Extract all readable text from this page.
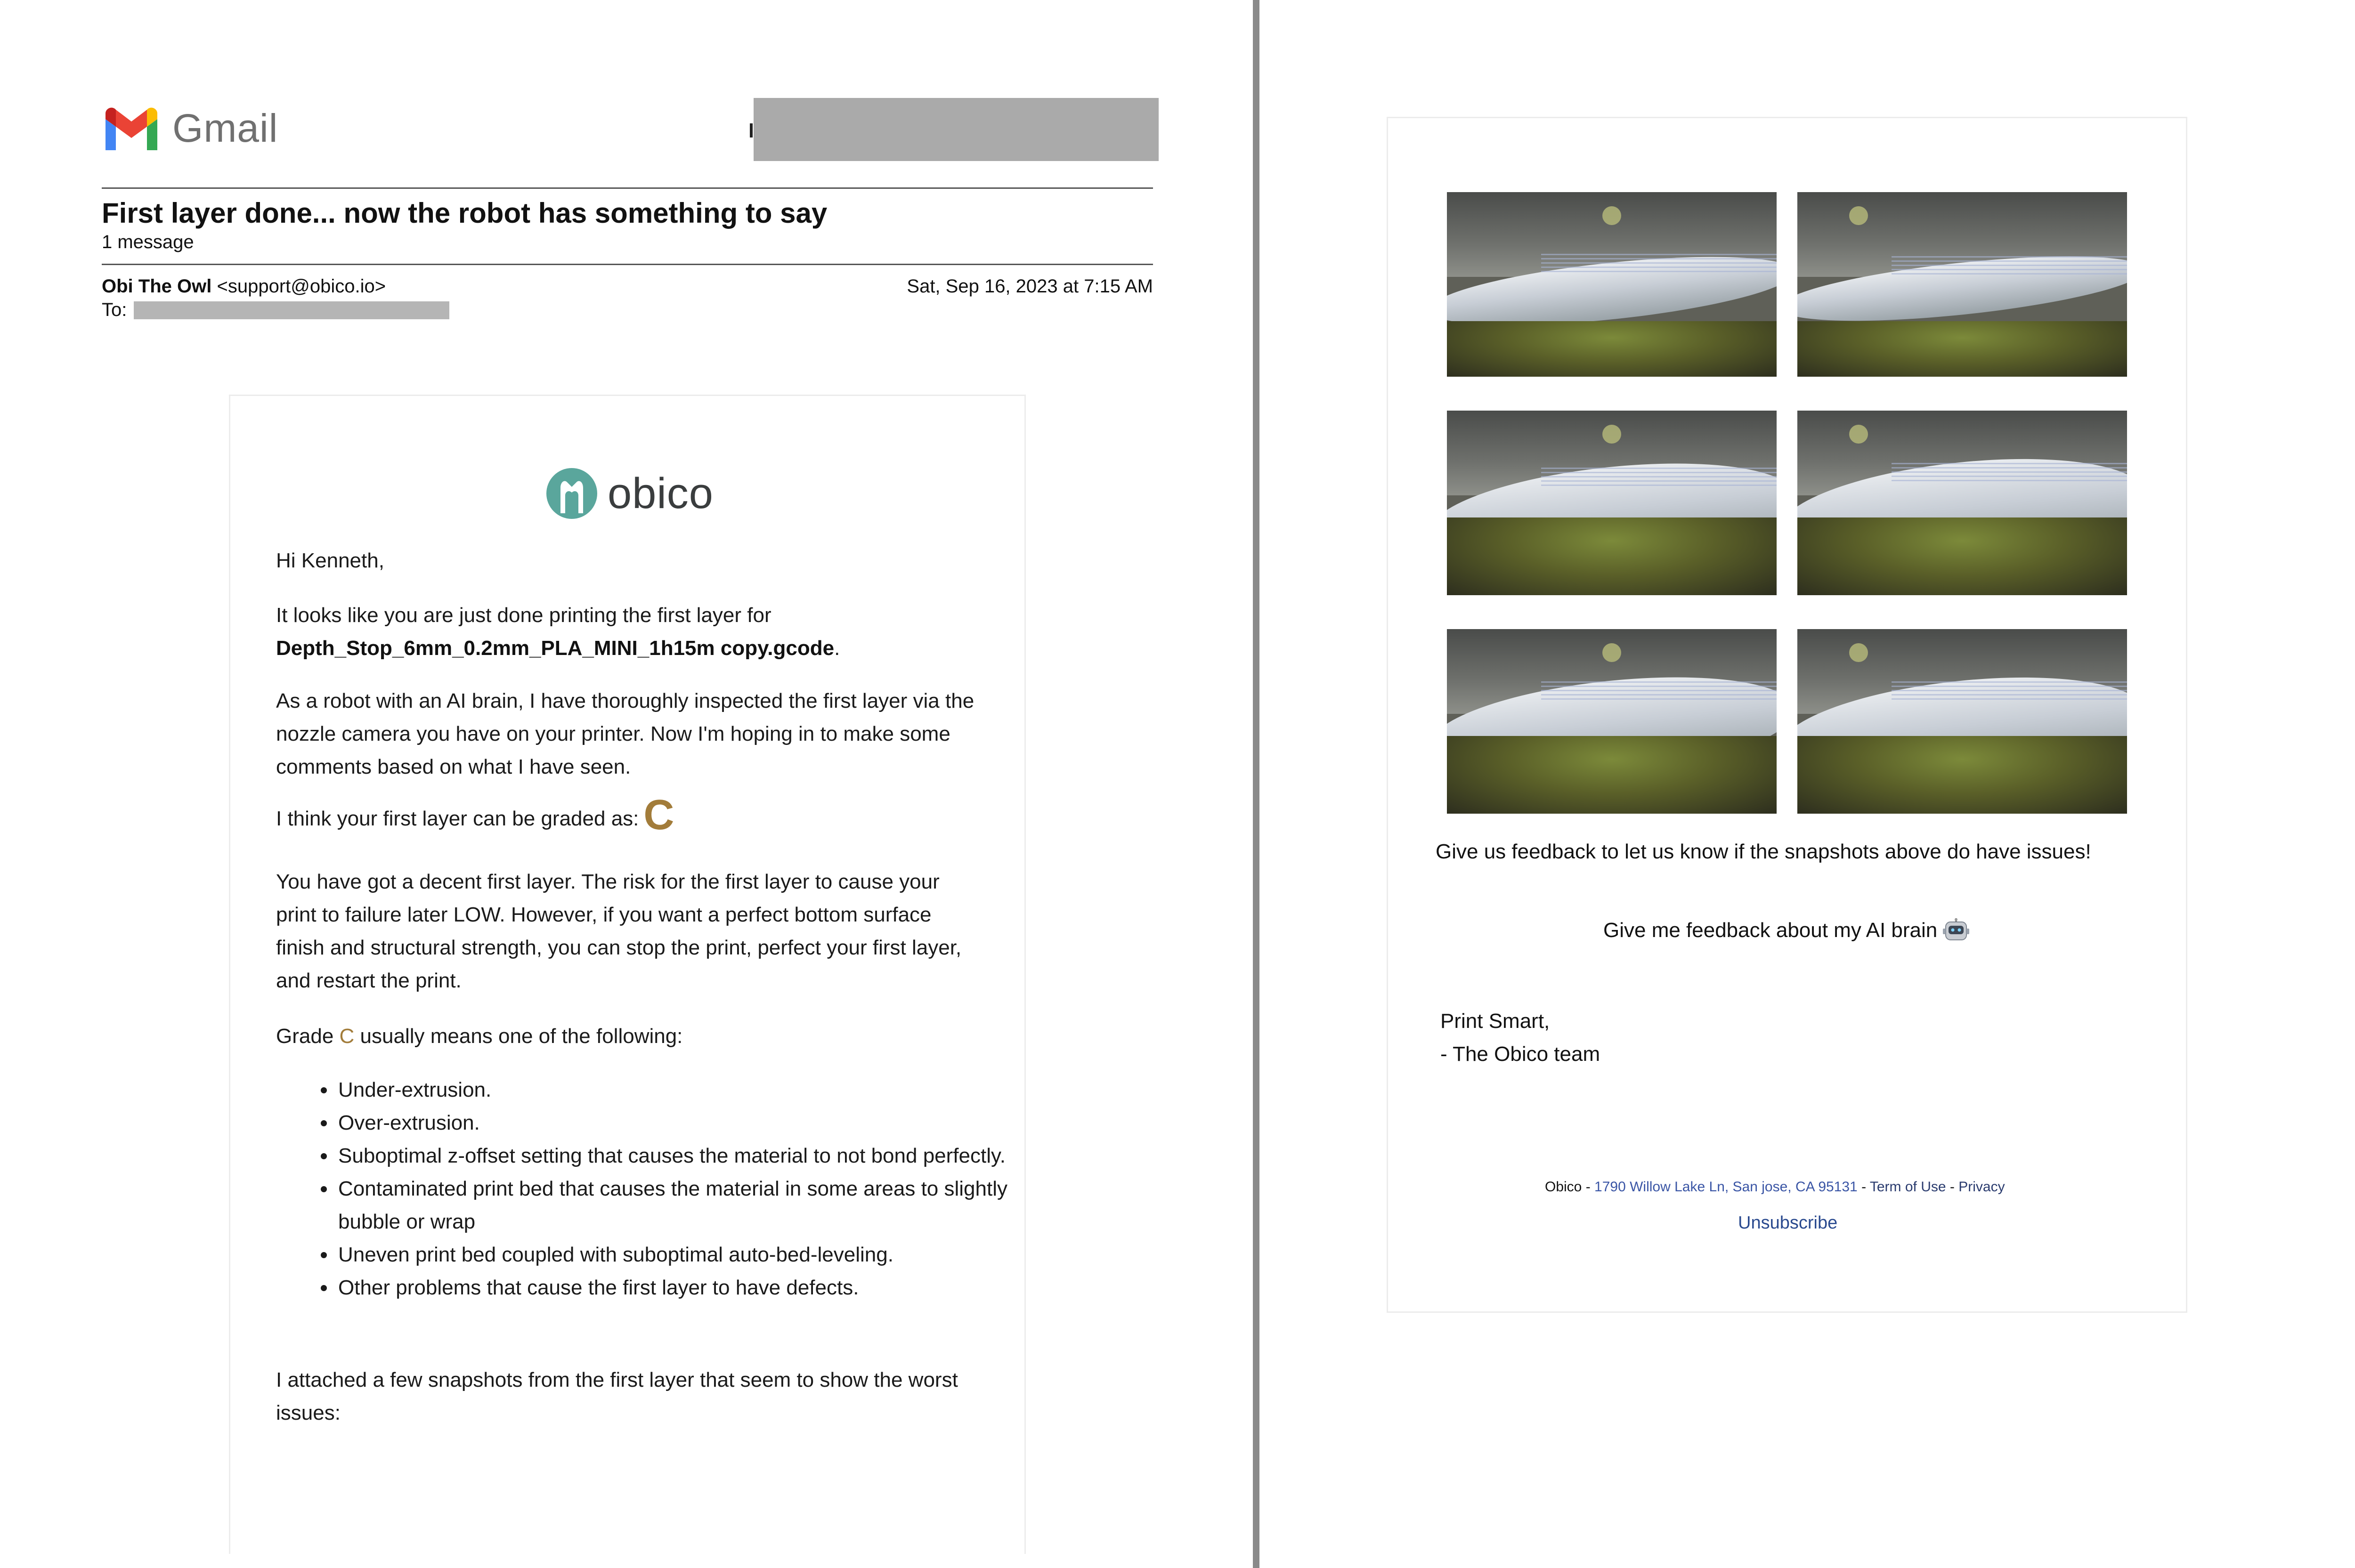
Gmail
First layer done... now the robot has something to say
1 message
Obi The Owl <support@obico.io>	Sat, Sep 16, 2023 at 7:15 AM
To:
obico
Hi Kenneth,
It looks like you are just done printing the first layer for
Depth_Stop_6mm_0.2mm_PLA_MINI_1h15m copy.gcode.
As a robot with an AI brain, I have thoroughly inspected the first layer via the nozzle camera you have on your printer. Now I'm hoping in to make some comments based on what I have seen.
I think your first layer can be graded as: C
You have got a decent first layer. The risk for the first layer to cause your print to failure later LOW. However, if you want a perfect bottom surface finish and structural strength, you can stop the print, perfect your first layer, and restart the print.
Grade C usually means one of the following:
• Under-extrusion.
• Over-extrusion.
• Suboptimal z-offset setting that causes the material to not bond perfectly.
• Contaminated print bed that causes the material in some areas to slightly bubble or wrap
• Uneven print bed coupled with suboptimal auto-bed-leveling.
• Other problems that cause the first layer to have defects.
I attached a few snapshots from the first layer that seem to show the worst issues:
Give us feedback to let us know if the snapshots above do have issues!
Give me feedback about my AI brain
Print Smart,
- The Obico team
Obico - 1790 Willow Lake Ln, San jose, CA 95131 - Term of Use - Privacy
Unsubscribe
